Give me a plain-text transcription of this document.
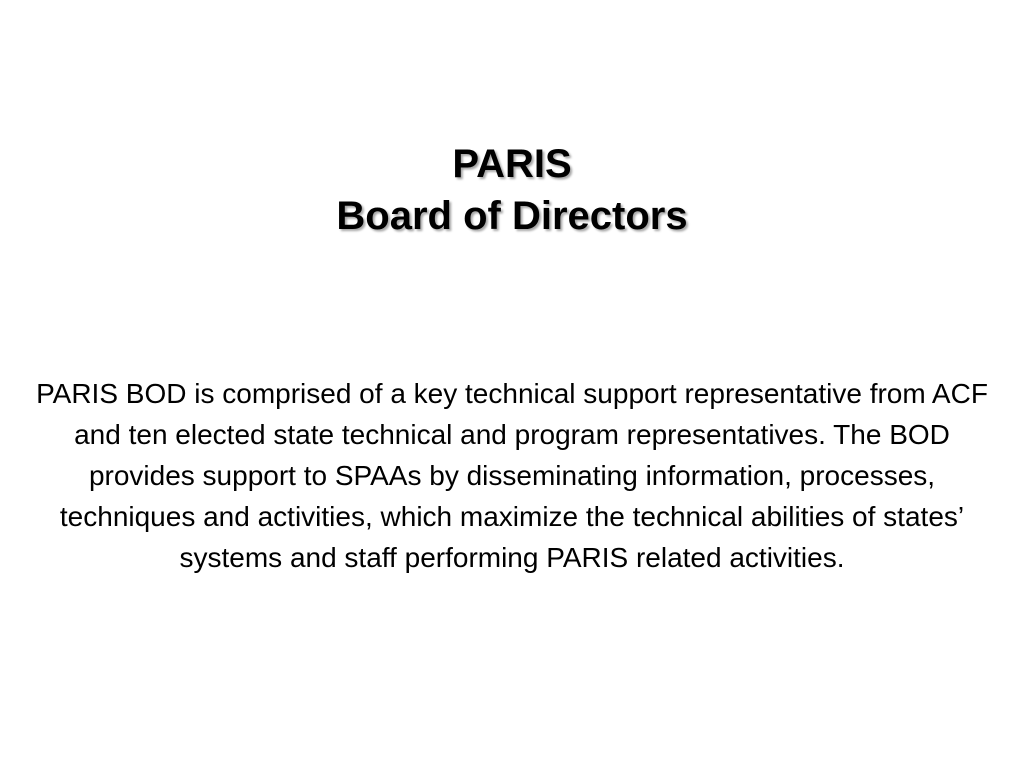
PARIS
Board of Directors

PARIS BOD is comprised of a key technical support representative from ACF and ten elected state technical and program representatives. The BOD provides support to SPAAs by disseminating information, processes, techniques and activities, which maximize the technical abilities of states’ systems and staff performing PARIS related activities.
